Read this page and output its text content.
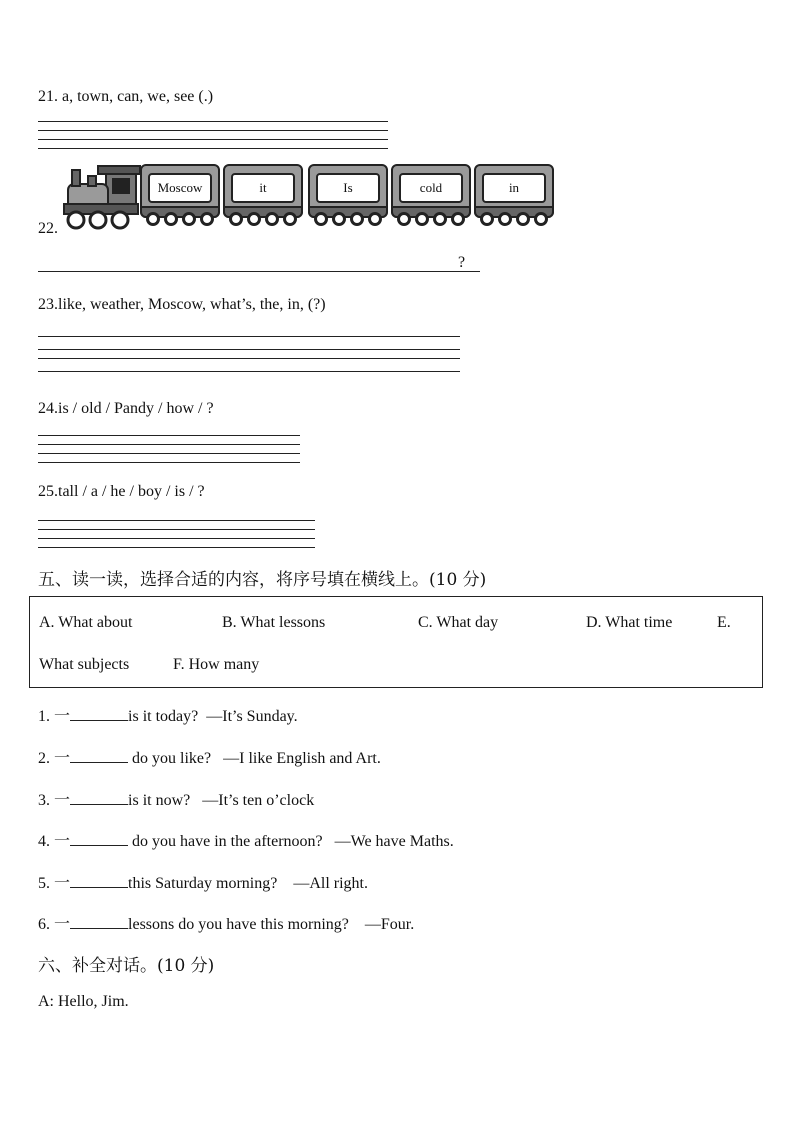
21. a, town, can, we, see (.)
Moscow	it	Is	cold	in
22.
?
23.like, weather, Moscow, what’s, the, in, (?)
24.is / old / Pandy / how / ?
25.tall / a / he / boy / is / ?
五、读一读，选择合适的内容，将序号填在横线上。(10 分)
A. What about	B. What lessons	C. What day	D. What time	E.
What subjects	F. How many
1. 一	is it today? —It’s Sunday.
2. 一	do you like? —I like English and Art.
3. 一	is it now? —It’s ten o’clock
4. 一	do you have in the afternoon? —We have Maths.
5. 一	this Saturday morning? —All right.
6. 一	lessons do you have this morning? —Four.
六、补全对话。(10 分)
A: Hello, Jim.
